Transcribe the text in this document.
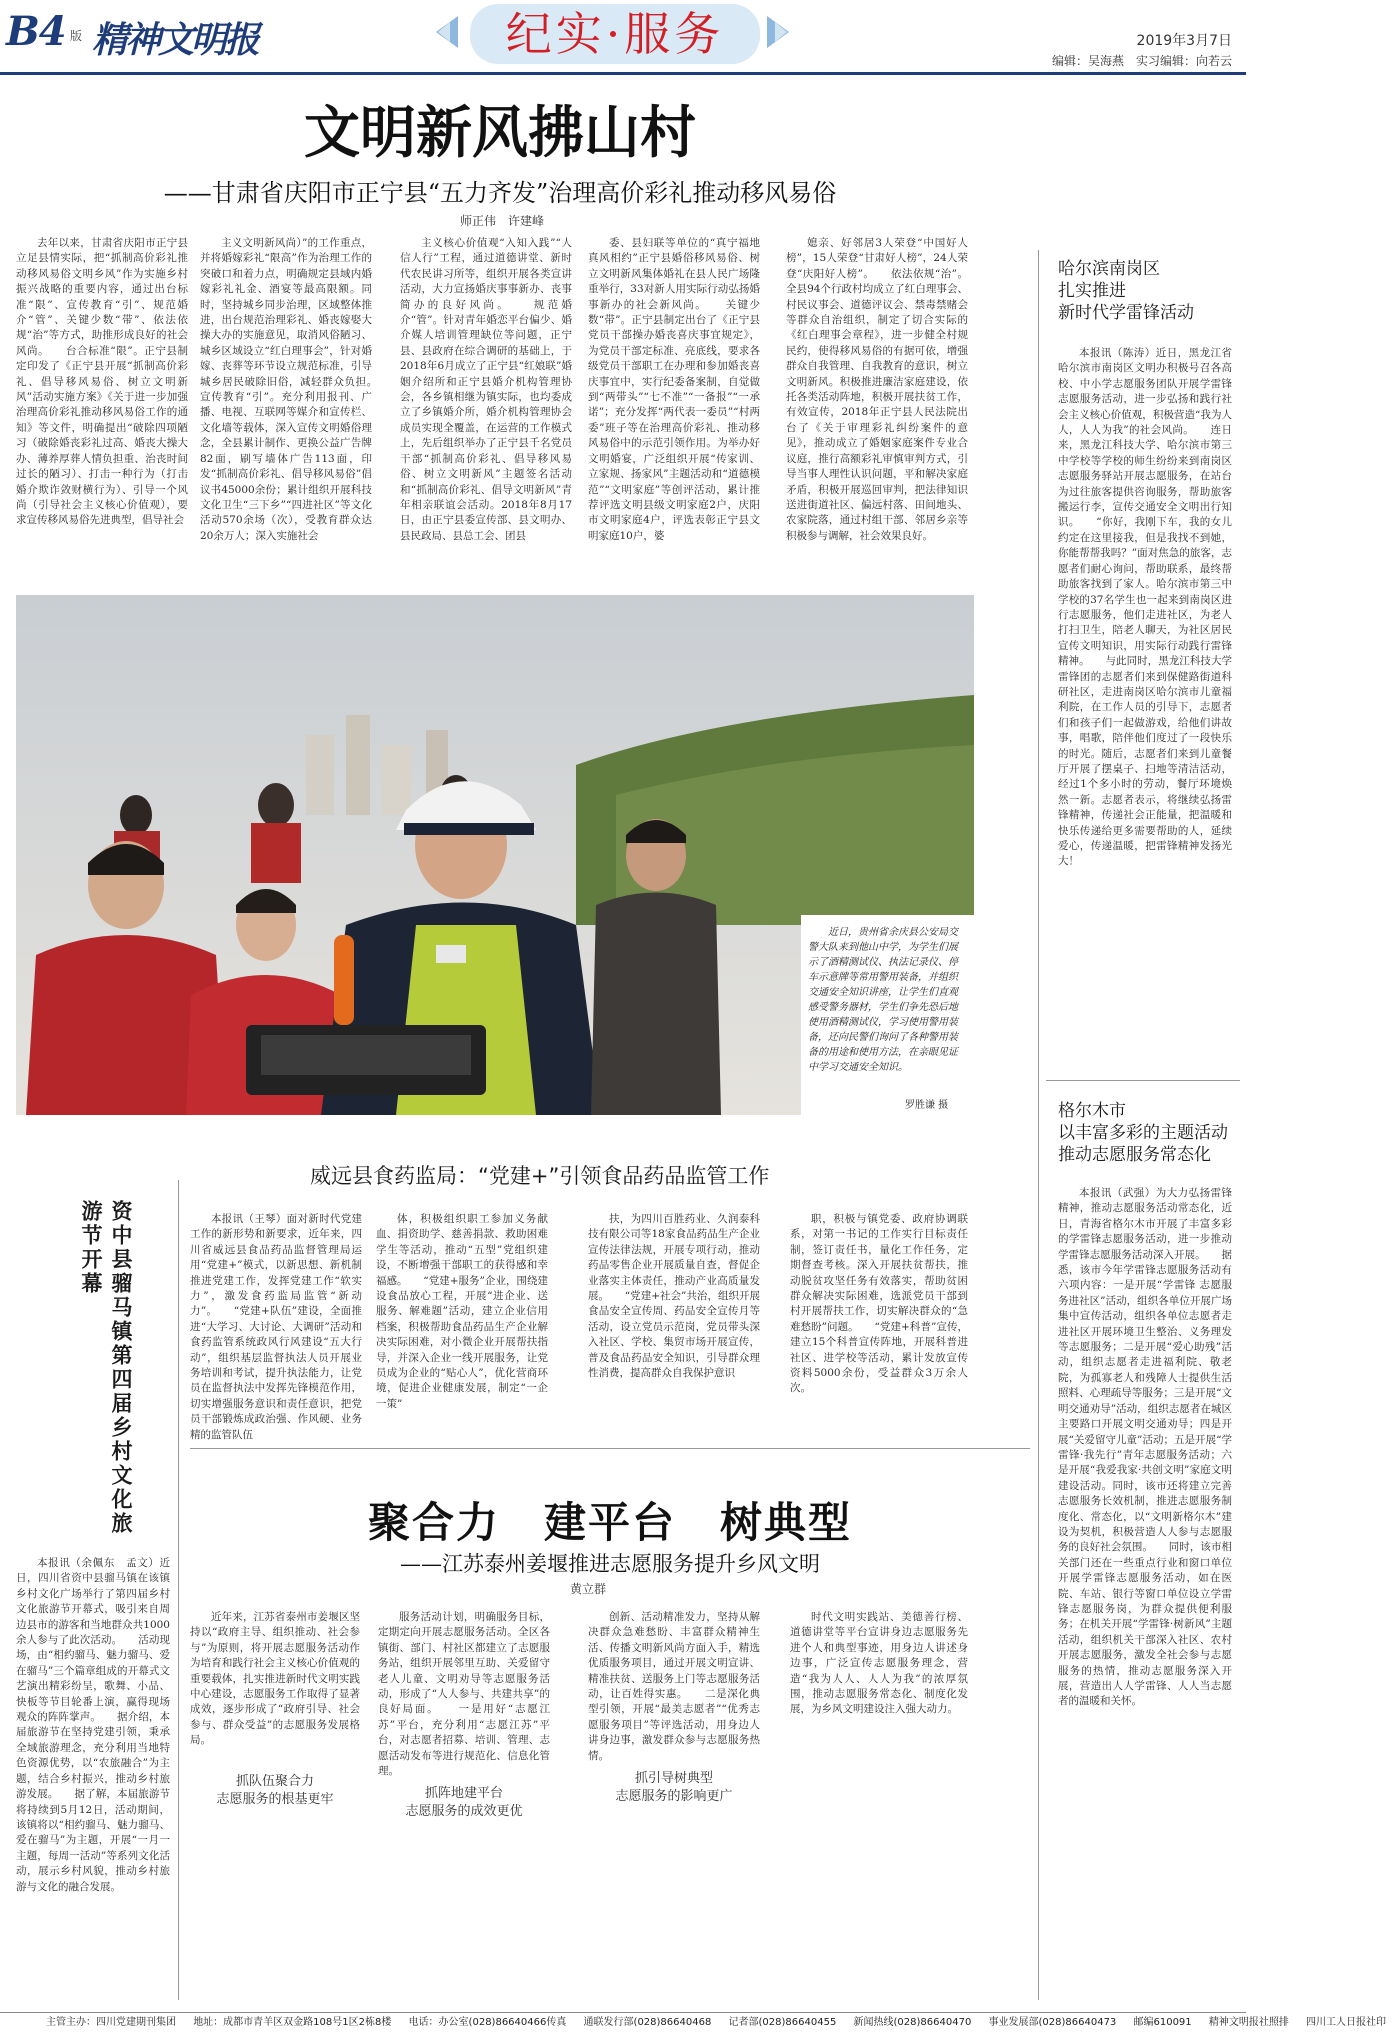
B4 版 精神文明报	纪实·服务	2019年3月7日
编辑：吴海燕　实习编辑：向若云
文明新风拂山村
——甘肃省庆阳市正宁县“五力齐发”治理高价彩礼推动移风易俗
师正伟　许建峰

去年以来，甘肃省庆阳市正宁县立足县情实际，把“抓制高价彩礼推动移风易俗文明乡风”作为实施乡村振兴战略的重要内容，通过出台标准“限”、宣传教育“引”、规范婚介“管”、关键少数“带”、依法依规“治”等方式，助推形成良好的社会风尚。　　台合标准“限”。正宁县制定印发了《正宁县开展“抓制高价彩礼、倡导移风易俗、树立文明新风”活动实施方案》《关于进一步加强治理高价彩礼推动移风易俗工作的通知》等文件，明确提出“破除四项陋习（破除婚丧彩礼过高、婚丧大操大办、薄养厚葬人情负担重、治丧时间过长的陋习）、打击一种行为（打击婚介欺诈敛财横行为）、引导一个风尚（引导社会主义核心价值观），要求宣传移风易俗先进典型，倡导社会

主义文明新风尚）”的工作重点，并将婚嫁彩礼“限高”作为治理工作的突破口和着力点，明确规定县域内婚嫁彩礼礼金、酒宴等最高限额。同时，坚持城乡同步治理，区域整体推进，出台规范治理彩礼、婚丧嫁娶大操大办的实施意见，取消风俗陋习、城乡区域设立“红白理事会”，针对婚嫁、丧葬等环节设立规范标准，引导城乡居民破除旧俗，减轻群众负担。　　宣传教育“引”。充分利用报刊、广播、电视、互联网等媒介和宣传栏、文化墙等载体，深入宣传文明婚俗理念，全县累计制作、更换公益广告牌82面，刷写墙体广告113面，印发“抓制高价彩礼、倡导移风易俗”倡议书45000余份；累计组织开展科技文化卫生“三下乡”“四进社区”等文化活动570余场（次），受教育群众达20余万人；深入实施社会

主义核心价值观“入知入践”“人信人行”工程，通过道德讲堂、新时代农民讲习所等，组织开展各类宣讲活动，大力宣扬婚庆事事新办、丧事简办的良好风尚。　　规范婚介“管”。针对青年婚恋平台偏少、婚介媒人培训管理缺位等问题，正宁县、县政府在综合调研的基础上，于2018年6月成立了正宁县“红娘联”婚姻介绍所和正宁县婚介机构管理协会，各乡镇相继为镇实际，也均委成立了乡镇婚介所，婚介机构管理协会成员实现全覆盖，在运营的工作模式上，先后组织举办了正宁县千名党员干部“抓制高价彩礼、倡导移风易俗、树立文明新风”主题签名活动和“抓制高价彩礼、倡导文明新风”青年相亲联谊会活动。2018年8月17日，由正宁县委宣传部、县文明办、县民政局、县总工会、团县

委、县妇联等单位的“真宁福地 真风相约”正宁县婚俗移风易俗、树立文明新风集体婚礼在县人民广场隆重举行，33对新人用实际行动弘扬婚事新办的社会新风尚。　　关键少数“带”。正宁县制定出台了《正宁县党员干部操办婚丧喜庆事宜规定》，为党员干部定标准、亮底线，要求各级党员干部职工在办理和参加婚丧喜庆事宜中，实行纪委备案制，自觉做到“两带头”“七不准”“一备报”“一承诺”；充分发挥“两代表一委员”“村两委”班子等在治理高价彩礼、推动移风易俗中的示范引领作用。为举办好文明婚宴，广泛组织开展“传家训、立家规、扬家风”主题活动和“道德模范”“文明家庭”等创评活动，累计推荐评选文明县级文明家庭2户，庆阳市文明家庭4户，评选表彰正宁县文明家庭10户，婆

媳亲、好邻居3人荣登“中国好人榜”，15人荣登“甘肃好人榜”，24人荣登“庆阳好人榜”。　　依法依规“治”。全县94个行政村均成立了红白理事会、村民议事会、道德评议会、禁毒禁赌会等群众自治组织，制定了切合实际的《红白理事会章程》，进一步健全村规民约，使得移风易俗的有据可依，增强群众自我管理、自我教育的意识，树立文明新风。积极推进廉洁家庭建设，依托各类活动阵地，积极开展扶贫工作，有效宣传，2018年正宁县人民法院出台了《关于审理彩礼纠纷案件的意见》，推动成立了婚姻家庭案件专业合议庭，推行高额彩礼审慎审判方式，引导当事人理性认识问题，平和解决家庭矛盾，积极开展巡回审判，把法律知识送进街道社区、偏远村落、田间地头、农家院落，通过村组干部、邻居乡亲等积极参与调解，社会效果良好。

近日，贵州省余庆县公安局交警大队来到他山中学，为学生们展示了酒精测试仪、执法记录仪、停车示意牌等常用警用装备，并组织交通安全知识讲座，让学生们直观感受警务器材，学生们争先恐后地使用酒精测试仪，学习使用警用装备，还向民警们询问了各种警用装备的用途和使用方法，在亲眼见证中学习交通安全知识。

罗胜谦 摄
威远县食药监局：“党建+”引领食品药品监管工作

本报讯（王琴）面对新时代党建工作的新形势和新要求，近年来，四川省威远县食品药品监督管理局运用“党建+”模式，以新思想、新机制推进党建工作，发挥党建工作“软实力”，激发食药监局监管“新动力”。　　“党建+队伍”建设，全面推进“大学习、大讨论、大调研”活动和食药监管系统政风行风建设“五大行动”，组织基层监督执法人员开展业务培训和考试，提升执法能力，让党员在监督执法中发挥先锋模范作用，切实增强服务意识和责任意识，把党员干部锻炼成政治强、作风硬、业务精的监管队伍

体，积极组织职工参加义务献血、捐资助学、慈善捐款、救助困难学生等活动，推动“五型”党组织建设，不断增强干部职工的获得感和幸福感。　　“党建+服务”企业，围绕建设食品放心工程，开展“进企业、送服务、解难题”活动，建立企业信用档案，积极帮助食品药品生产企业解决实际困难，对小微企业开展帮扶指导，并深入企业一线开展服务，让党员成为企业的“贴心人”，优化营商环境，促进企业健康发展，制定“一企一策”

扶，为四川百胜药业、久润泰科技有限公司等18家食品药品生产企业宣传法律法规，开展专项行动，推动药品零售企业开展质量自查，督促企业落实主体责任，推动产业高质量发展。　　“党建+社会”共治，组织开展食品安全宣传周、药品安全宣传月等活动，设立党员示范岗，党员带头深入社区、学校、集贸市场开展宣传，普及食品药品安全知识，引导群众理性消费，提高群众自我保护意识

职，积极与镇党委、政府协调联系，对第一书记的工作实行目标责任制，签订责任书，量化工作任务，定期督查考核。深入开展扶贫帮扶，推动脱贫攻坚任务有效落实，帮助贫困群众解决实际困难，选派党员干部到村开展帮扶工作，切实解决群众的“急难愁盼”问题。　　“党建+科普”宣传，建立15个科普宣传阵地，开展科普进社区、进学校等活动，累计发放宣传资料5000余份，受益群众3万余人次。

资中县骝马镇第四届乡村文化旅游节开幕

本报讯（余佩东　孟文）近日，四川省资中县骝马镇在该镇乡村文化广场举行了第四届乡村文化旅游节开幕式，吸引来自周边县市的游客和当地群众共1000余人参与了此次活动。　　活动现场，由“相约骝马、魅力骝马、爱在骝马”三个篇章组成的开幕式文艺演出精彩纷呈，歌舞、小品、快板等节目轮番上演，赢得现场观众的阵阵掌声。　　据介绍，本届旅游节在坚持党建引领，秉承全域旅游理念，充分利用当地特色资源优势，以“农旅融合”为主题，结合乡村振兴，推动乡村旅游发展。　　据了解，本届旅游节将持续到5月12日，活动期间，该镇将以“相约骝马、魅力骝马、爱在骝马”为主题，开展“一月一主题，每周一活动”等系列文化活动，展示乡村风貌，推动乡村旅游与文化的融合发展。

聚合力　建平台　树典型
——江苏泰州姜堰推进志愿服务提升乡风文明
黄立群

近年来，江苏省泰州市姜堰区坚持以“政府主导、组织推动、社会参与”为原则，将开展志愿服务活动作为培育和践行社会主义核心价值观的重要载体，扎实推进新时代文明实践中心建设，志愿服务工作取得了显著成效，逐步形成了“政府引导、社会参与、群众受益”的志愿服务发展格局。

抓队伍聚合力
志愿服务的根基更牢

服务活动计划，明确服务目标，定期定向开展志愿服务活动。全区各镇街、部门、村社区都建立了志愿服务站，组织开展邻里互助、关爱留守老人儿童、文明劝导等志愿服务活动，形成了“人人参与、共建共享”的良好局面。　　一是用好“志愿江苏”平台，充分利用“志愿江苏”平台，对志愿者招募、培训、管理、志愿活动发布等进行规范化、信息化管理。

抓阵地建平台
志愿服务的成效更优

创新、活动精准发力，坚持从解决群众急难愁盼、丰富群众精神生活、传播文明新风尚方面入手，精选优质服务项目，通过开展文明宣讲、精准扶贫、送服务上门等志愿服务活动，让百姓得实惠。　　二是深化典型引领，开展“最美志愿者”“优秀志愿服务项目”等评选活动，用身边人讲身边事，激发群众参与志愿服务热情。

抓引导树典型
志愿服务的影响更广

时代文明实践站、美德善行榜、道德讲堂等平台宣讲身边志愿服务先进个人和典型事迹，用身边人讲述身边事，广泛宣传志愿服务理念，营造“我为人人、人人为我”的浓厚氛围，推动志愿服务常态化、制度化发展，为乡风文明建设注入强大动力。

哈尔滨南岗区
扎实推进
新时代学雷锋活动

本报讯（陈涛）近日，黑龙江省哈尔滨市南岗区文明办积极号召各高校、中小学志愿服务团队开展学雷锋志愿服务活动，进一步弘扬和践行社会主义核心价值观，积极营造“我为人人，人人为我”的社会风尚。　　连日来，黑龙江科技大学、哈尔滨市第三中学校等学校的师生纷纷来到南岗区志愿服务驿站开展志愿服务，在站台为过往旅客提供咨询服务，帮助旅客搬运行李，宣传交通安全文明出行知识。　　“你好，我刚下车，我的女儿约定在这里接我，但是我找不到她，你能帮帮我吗？”面对焦急的旅客，志愿者们耐心询问，帮助联系，最终帮助旅客找到了家人。哈尔滨市第三中学校的37名学生也一起来到南岗区进行志愿服务，他们走进社区，为老人打扫卫生，陪老人聊天，为社区居民宣传文明知识，用实际行动践行雷锋精神。　　与此同时，黑龙江科技大学雷锋团的志愿者们来到保健路街道科研社区，走进南岗区哈尔滨市儿童福利院，在工作人员的引导下，志愿者们和孩子们一起做游戏，给他们讲故事，唱歌，陪伴他们度过了一段快乐的时光。随后，志愿者们来到儿童餐厅开展了摆桌子、扫地等清洁活动，经过1个多小时的劳动，餐厅环境焕然一新。志愿者表示，将继续弘扬雷锋精神，传递社会正能量，把温暖和快乐传递给更多需要帮助的人，延续爱心，传递温暖，把雷锋精神发扬光大！

格尔木市
以丰富多彩的主题活动
推动志愿服务常态化

本报讯（武强）为大力弘扬雷锋精神，推动志愿服务活动常态化，近日，青海省格尔木市开展了丰富多彩的学雷锋志愿服务活动，进一步推动学雷锋志愿服务活动深入开展。　　据悉，该市今年学雷锋志愿服务活动有六项内容：一是开展“学雷锋 志愿服务进社区”活动，组织各单位开展广场集中宣传活动，组织各单位志愿者走进社区开展环境卫生整治、义务理发等志愿服务；二是开展“爱心助残”活动，组织志愿者走进福利院、敬老院，为孤寡老人和残障人士提供生活照料、心理疏导等服务；三是开展“文明交通劝导”活动，组织志愿者在城区主要路口开展文明交通劝导；四是开展“关爱留守儿童”活动；五是开展“学雷锋·我先行”青年志愿服务活动；六是开展“我爱我家·共创文明”家庭文明建设活动。同时，该市还将建立完善志愿服务长效机制，推进志愿服务制度化、常态化，以“文明新格尔木”建设为契机，积极营造人人参与志愿服务的良好社会氛围。　　同时，该市相关部门还在一些重点行业和窗口单位开展学雷锋志愿服务活动，如在医院、车站、银行等窗口单位设立学雷锋志愿服务岗，为群众提供便利服务；在机关开展“学雷锋·树新风”主题活动，组织机关干部深入社区、农村开展志愿服务，激发全社会参与志愿服务的热情，推动志愿服务深入开展，营造出人人学雷锋、人人当志愿者的温暖和关怀。

主管主办：四川党建期刊集团 地址：成都市青羊区双金路108号1区2栋8楼 电话：办公室(028)86640466传真 通联发行部(028)86640468 记者部(028)86640455 新闻热线(028)86640470 事业发展部(028)86640473 邮编610091 精神文明报社照排 四川工人日报社印
